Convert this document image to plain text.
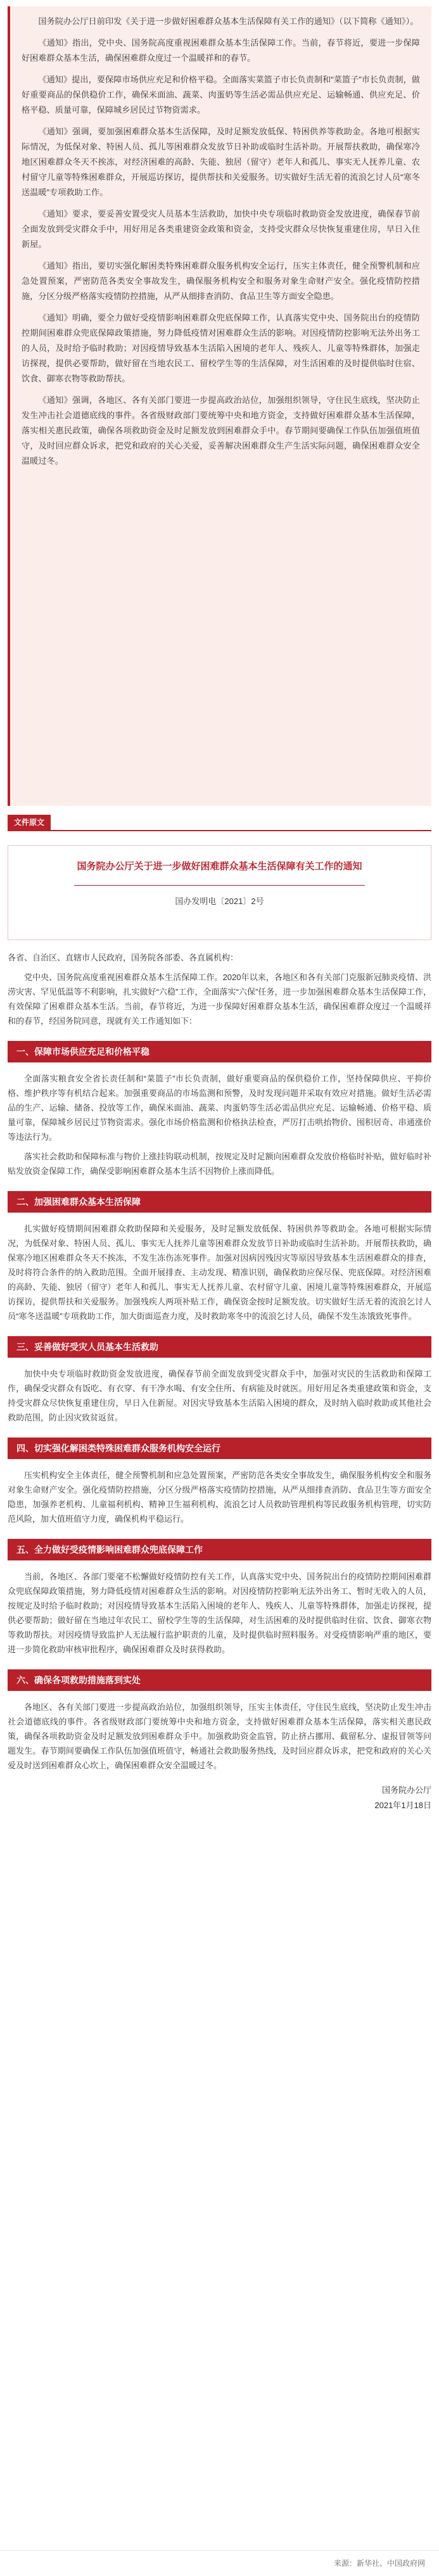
国务院办公厅日前印发《关于进一步做好困难群众基本生活保障有关工作的通知》（以下简称《通知》）。

《通知》指出，党中央、国务院高度重视困难群众基本生活保障工作。当前，春节将近，要进一步保障好困难群众基本生活，确保困难群众度过一个温暖祥和的春节。

《通知》提出，要保障市场供应充足和价格平稳。全面落实菜篮子市长负责制和“菜篮子”市长负责制，做好重要商品的保供稳价工作，确保米面油、蔬菜、肉蛋奶等生活必需品供应充足、运输畅通、供应充足、价格平稳、质量可靠，保障城乡居民过节物资需求。

《通知》强调，要加强困难群众基本生活保障，及时足额发放低保、特困供养等救助金。各地可根据实际情况，为低保对象、特困人员、孤儿等困难群众发放节日补助或临时生活补助。开展帮扶救助，确保寒冷地区困难群众冬天不挨冻，对经济困难的高龄、失能、独居（留守）老年人和孤儿、事实无人抚养儿童、农村留守儿童等特殊困难群众，开展巡访探访，提供帮扶和关爱服务。切实做好生活无着的流浪乞讨人员“寒冬送温暖”专项救助工作。

《通知》要求，要妥善安置受灾人员基本生活救助，加快中央专项临时救助资金发放进度，确保春节前全面发放到受灾群众手中，用好用足各类重建资金政策和资金，支持受灾群众尽快恢复重建住房，早日入住新屋。

《通知》指出，要切实强化解困类特殊困难群众服务机构安全运行，压实主体责任，健全预警机制和应急处置预案，严密防范各类安全事故发生，确保服务机构安全和服务对象生命财产安全。强化疫情防控措施，分区分级严格落实疫情防控措施，从严从细排查消防、食品卫生等方面安全隐患。

《通知》明确，要全力做好受疫情影响困难群众兜底保障工作，认真落实党中央、国务院出台的疫情防控期间困难群众兜底保障政策措施，努力降低疫情对困难群众生活的影响。对因疫情防控影响无法外出务工的人员，及时给予临时救助；对因疫情导致基本生活陷入困境的老年人、残疾人、儿童等特殊群体，加强走访探视，提供必要帮助，做好留在当地农民工、留校学生等的生活保障，对生活困难的及时提供临时住宿、饮食、御寒衣物等救助帮扶。

《通知》强调，各地区、各有关部门要进一步提高政治站位，加强组织领导，守住民生底线，坚决防止发生冲击社会道德底线的事件。各省级财政部门要统筹中央和地方资金，支持做好困难群众基本生活保障，落实相关惠民政策，确保各项救助资金及时足额发放到困难群众手中。春节期间要确保工作队伍加强值班值守，及时回应群众诉求，把党和政府的关心关爱，妥善解决困难群众生产生活实际问题，确保困难群众安全温暖过冬。

文件原文
国务院办公厅关于进一步做好困难群众基本生活保障有关工作的通知
国办发明电〔2021〕2号

各省、自治区、直辖市人民政府，国务院各部委、各直属机构：

党中央、国务院高度重视困难群众基本生活保障工作。2020年以来，各地区和各有关部门克服新冠肺炎疫情、洪涝灾害、罕见低温等不利影响，扎实做好“六稳”工作，全面落实“六保”任务，进一步加强困难群众基本生活保障工作，有效保障了困难群众基本生活。当前，春节将近，为进一步保障好困难群众基本生活，确保困难群众度过一个温暖祥和的春节，经国务院同意，现就有关工作通知如下：

一、保障市场供应充足和价格平稳

全面落实粮食安全省长责任制和“菜篮子”市长负责制，做好重要商品的保供稳价工作，坚持保障供应、平抑价格、维护秩序等有机结合起来。加强重要商品的市场监测和预警，及时发现问题并采取有效应对措施。做好生活必需品的生产、运输、储备、投放等工作，确保米面油、蔬菜、肉蛋奶等生活必需品供应充足、运输畅通、价格平稳、质量可靠，保障城乡居民过节物资需求。强化市场价格监测和价格执法检查，严厉打击哄抬物价、囤积居奇、串通涨价等违法行为。

落实社会救助和保障标准与物价上涨挂钩联动机制，按规定及时足额向困难群众发放价格临时补贴，做好临时补贴发放资金保障工作，确保受影响困难群众基本生活不因物价上涨而降低。

二、加强困难群众基本生活保障

扎实做好疫情期间困难群众救助保障和关爱服务，及时足额发放低保、特困供养等救助金。各地可根据实际情况，为低保对象、特困人员、孤儿、事实无人抚养儿童等困难群众发放节日补助或临时生活补助。开展帮扶救助，确保寒冷地区困难群众冬天不挨冻，不发生冻伤冻死事件。加强对因病因残因灾等原因导致基本生活困难群众的排查，及时将符合条件的纳入救助范围。全面开展排查、主动发现、精准识别，确保救助应保尽保、兜底保障。对经济困难的高龄、失能、独居（留守）老年人和孤儿、事实无人抚养儿童、农村留守儿童、困境儿童等特殊困难群众，开展巡访探访，提供帮扶和关爱服务。加强残疾人两项补贴工作，确保资金按时足额发放。切实做好生活无着的流浪乞讨人员“寒冬送温暖”专项救助工作，加大街面巡查力度，及时救助寒冬中的流浪乞讨人员，确保不发生冻饿致死事件。

三、妥善做好受灾人员基本生活救助

加快中央专项临时救助资金发放进度，确保春节前全面发放到受灾群众手中，加强对灾民的生活救助和保障工作，确保受灾群众有饭吃、有衣穿、有干净水喝、有安全住所、有病能及时就医。用好用足各类重建政策和资金，支持受灾群众尽快恢复重建住房，早日入住新屋。对因灾导致基本生活陷入困境的群众，及时纳入临时救助或其他社会救助范围，防止因灾致贫返贫。

四、切实强化解困类特殊困难群众服务机构安全运行

压实机构安全主体责任，健全预警机制和应急处置预案，严密防范各类安全事故发生，确保服务机构安全和服务对象生命财产安全。强化疫情防控措施，分区分级严格落实疫情防控措施，从严从细排查消防、食品卫生等方面安全隐患，加强养老机构、儿童福利机构、精神卫生福利机构、流浪乞讨人员救助管理机构等民政服务机构管理，切实防范风险，加大值班值守力度，确保机构平稳运行。

五、全力做好受疫情影响困难群众兜底保障工作

当前，各地区、各部门要毫不松懈做好疫情防控有关工作，认真落实党中央、国务院出台的疫情防控期间困难群众兜底保障政策措施，努力降低疫情对困难群众生活的影响。对因疫情防控影响无法外出务工、暂时无收入的人员，按规定及时给予临时救助；对因疫情导致基本生活陷入困境的老年人、残疾人、儿童等特殊群体，加强走访探视，提供必要帮助；做好留在当地过年农民工、留校学生等的生活保障，对生活困难的及时提供临时住宿、饮食、御寒衣物等救助帮扶。对因疫情导致监护人无法履行监护职责的儿童，及时提供临时照料服务。对受疫情影响严重的地区，要进一步简化救助审核审批程序，确保困难群众及时获得救助。

六、确保各项救助措施落到实处

各地区、各有关部门要进一步提高政治站位，加强组织领导，压实主体责任，守住民生底线，坚决防止发生冲击社会道德底线的事件。各省级财政部门要统筹中央和地方资金，支持做好困难群众基本生活保障，落实相关惠民政策，确保各项救助资金及时足额发放到困难群众手中。加强救助资金监管，防止挤占挪用、截留私分、虚报冒领等问题发生。春节期间要确保工作队伍加强值班值守，畅通社会救助服务热线，及时回应群众诉求，把党和政府的关心关爱及时送到困难群众心坎上，确保困难群众安全温暖过冬。

国务院办公厅
2021年1月18日
来源：新华社、中国政府网
